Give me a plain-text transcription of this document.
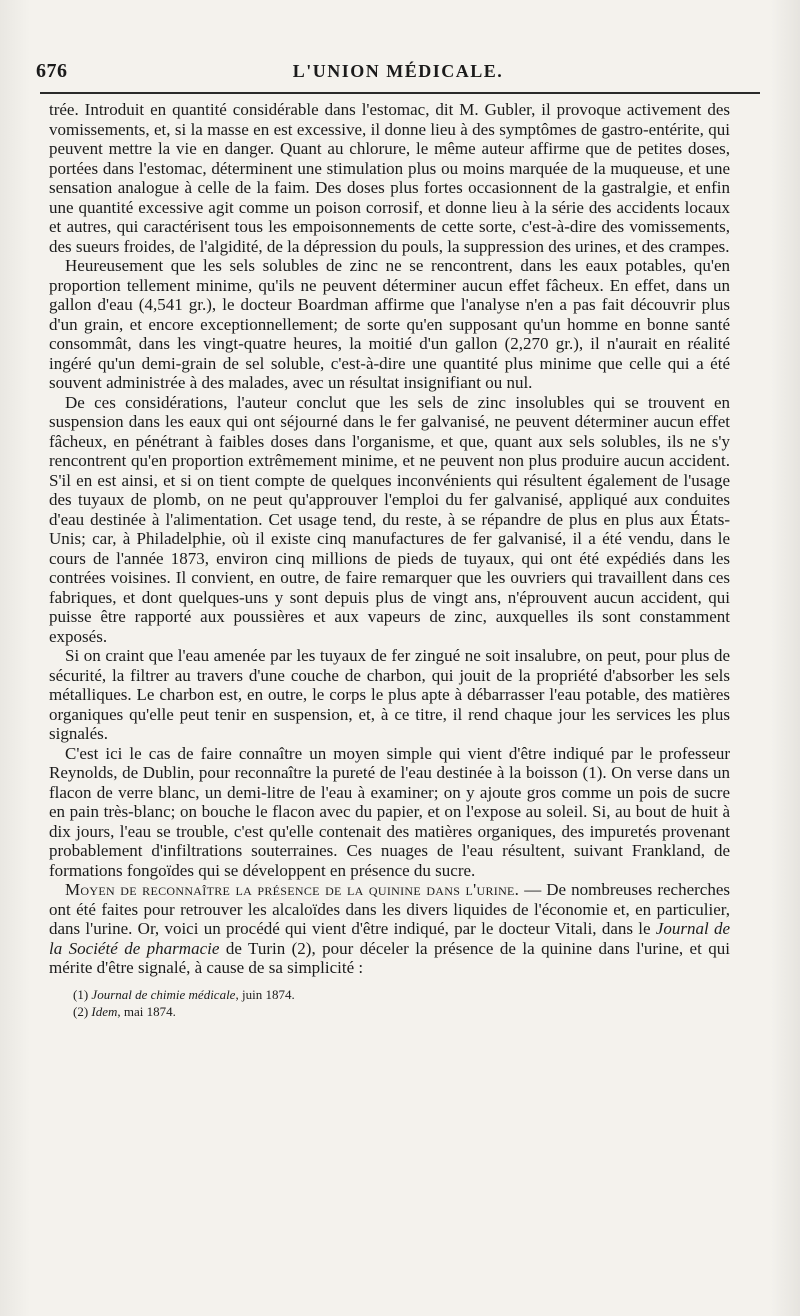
676	L'UNION MÉDICALE.

trée. Introduit en quantité considérable dans l'estomac, dit M. Gubler, il provoque activement des vomissements, et, si la masse en est excessive, il donne lieu à des symptômes de gastro-entérite, qui peuvent mettre la vie en danger. Quant au chlorure, le même auteur affirme que de petites doses, portées dans l'estomac, déterminent une stimulation plus ou moins marquée de la muqueuse, et une sensation analogue à celle de la faim. Des doses plus fortes occasionnent de la gastralgie, et enfin une quantité excessive agit comme un poison corrosif, et donne lieu à la série des accidents locaux et autres, qui caractérisent tous les empoisonnements de cette sorte, c'est-à-dire des vomissements, des sueurs froides, de l'algidité, de la dépression du pouls, la suppression des urines, et des crampes.

Heureusement que les sels solubles de zinc ne se rencontrent, dans les eaux potables, qu'en proportion tellement minime, qu'ils ne peuvent déterminer aucun effet fâcheux. En effet, dans un gallon d'eau (4,541 gr.), le docteur Boardman affirme que l'analyse n'en a pas fait découvrir plus d'un grain, et encore exceptionnellement; de sorte qu'en supposant qu'un homme en bonne santé consommât, dans les vingt-quatre heures, la moitié d'un gallon (2,270 gr.), il n'aurait en réalité ingéré qu'un demi-grain de sel soluble, c'est-à-dire une quantité plus minime que celle qui a été souvent administrée à des malades, avec un résultat insignifiant ou nul.

De ces considérations, l'auteur conclut que les sels de zinc insolubles qui se trouvent en suspension dans les eaux qui ont séjourné dans le fer galvanisé, ne peuvent déterminer aucun effet fâcheux, en pénétrant à faibles doses dans l'organisme, et que, quant aux sels solubles, ils ne s'y rencontrent qu'en proportion extrêmement minime, et ne peuvent non plus produire aucun accident. S'il en est ainsi, et si on tient compte de quelques inconvénients qui résultent également de l'usage des tuyaux de plomb, on ne peut qu'approuver l'emploi du fer galvanisé, appliqué aux conduites d'eau destinée à l'alimentation. Cet usage tend, du reste, à se répandre de plus en plus aux États-Unis; car, à Philadelphie, où il existe cinq manufactures de fer galvanisé, il a été vendu, dans le cours de l'année 1873, environ cinq millions de pieds de tuyaux, qui ont été expédiés dans les contrées voisines. Il convient, en outre, de faire remarquer que les ouvriers qui travaillent dans ces fabriques, et dont quelques-uns y sont depuis plus de vingt ans, n'éprouvent aucun accident, qui puisse être rapporté aux poussières et aux vapeurs de zinc, auxquelles ils sont constamment exposés.

Si on craint que l'eau amenée par les tuyaux de fer zingué ne soit insalubre, on peut, pour plus de sécurité, la filtrer au travers d'une couche de charbon, qui jouit de la propriété d'absorber les sels métalliques. Le charbon est, en outre, le corps le plus apte à débarrasser l'eau potable, des matières organiques qu'elle peut tenir en suspension, et, à ce titre, il rend chaque jour les services les plus signalés.

C'est ici le cas de faire connaître un moyen simple qui vient d'être indiqué par le professeur Reynolds, de Dublin, pour reconnaître la pureté de l'eau destinée à la boisson (1). On verse dans un flacon de verre blanc, un demi-litre de l'eau à examiner; on y ajoute gros comme un pois de sucre en pain très-blanc; on bouche le flacon avec du papier, et on l'expose au soleil. Si, au bout de huit à dix jours, l'eau se trouble, c'est qu'elle contenait des matières organiques, des impuretés provenant probablement d'infiltrations souterraines. Ces nuages de l'eau résultent, suivant Frankland, de formations fongoïdes qui se développent en présence du sucre.

Moyen de reconnaître la présence de la quinine dans l'urine. — De nombreuses recherches ont été faites pour retrouver les alcaloïdes dans les divers liquides de l'économie et, en particulier, dans l'urine. Or, voici un procédé qui vient d'être indiqué, par le docteur Vitali, dans le Journal de la Société de pharmacie de Turin (2), pour déceler la présence de la quinine dans l'urine, et qui mérite d'être signalé, à cause de sa simplicité :

(1) Journal de chimie médicale, juin 1874.
(2) Idem, mai 1874.
